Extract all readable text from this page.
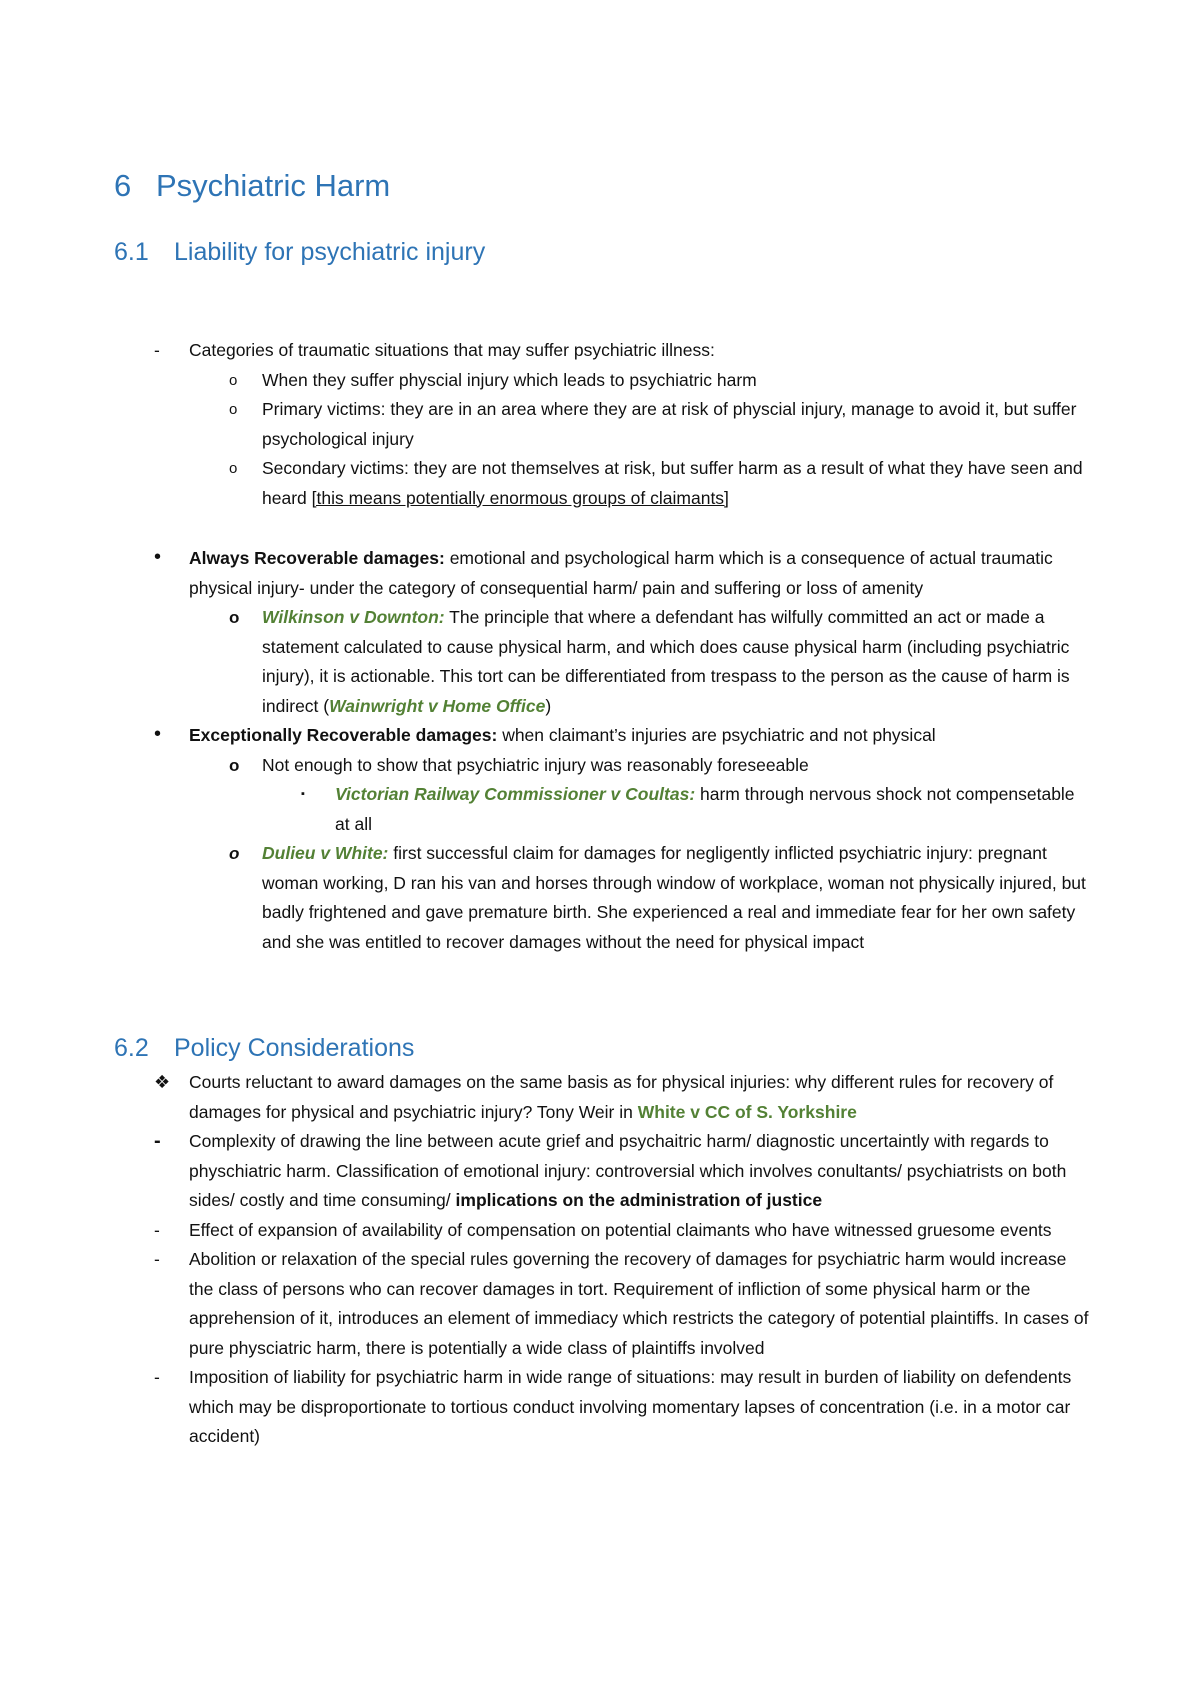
6 Psychiatric Harm
6.1 Liability for psychiatric injury
- Categories of traumatic situations that may suffer psychiatric illness:
o When they suffer physcial injury which leads to psychiatric harm
o Primary victims: they are in an area where they are at risk of physcial injury, manage to avoid it, but suffer psychological injury
o Secondary victims: they are not themselves at risk, but suffer harm as a result of what they have seen and heard [this means potentially enormous groups of claimants]
• Always Recoverable damages: emotional and psychological harm which is a consequence of actual traumatic physical injury- under the category of consequential harm/ pain and suffering or loss of amenity
o Wilkinson v Downton: The principle that where a defendant has wilfully committed an act or made a statement calculated to cause physical harm, and which does cause physical harm (including psychiatric injury), it is actionable. This tort can be differentiated from trespass to the person as the cause of harm is indirect (Wainwright v Home Office)
• Exceptionally Recoverable damages: when claimant’s injuries are psychiatric and not physical
o Not enough to show that psychiatric injury was reasonably foreseeable
▪ Victorian Railway Commissioner v Coultas: harm through nervous shock not compensetable at all
o Dulieu v White: first successful claim for damages for negligently inflicted psychiatric injury: pregnant woman working, D ran his van and horses through window of workplace, woman not physically injured, but badly frightened and gave premature birth. She experienced a real and immediate fear for her own safety and she was entitled to recover damages without the need for physical impact
6.2 Policy Considerations
❖ Courts reluctant to award damages on the same basis as for physical injuries: why different rules for recovery of damages for physical and psychiatric injury? Tony Weir in White v CC of S. Yorkshire
- Complexity of drawing the line between acute grief and psychaitric harm/ diagnostic uncertaintly with regards to physchiatric harm. Classification of emotional injury: controversial which involves conultants/ psychiatrists on both sides/ costly and time consuming/ implications on the administration of justice
- Effect of expansion of availability of compensation on potential claimants who have witnessed gruesome events
- Abolition or relaxation of the special rules governing the recovery of damages for psychiatric harm would increase the class of persons who can recover damages in tort. Requirement of infliction of some physical harm or the apprehension of it, introduces an element of immediacy which restricts the category of potential plaintiffs. In cases of pure physciatric harm, there is potentially a wide class of plaintiffs involved
- Imposition of liability for psychiatric harm in wide range of situations: may result in burden of liability on defendents which may be disproportionate to tortious conduct involving momentary lapses of concentration (i.e. in a motor car accident)
